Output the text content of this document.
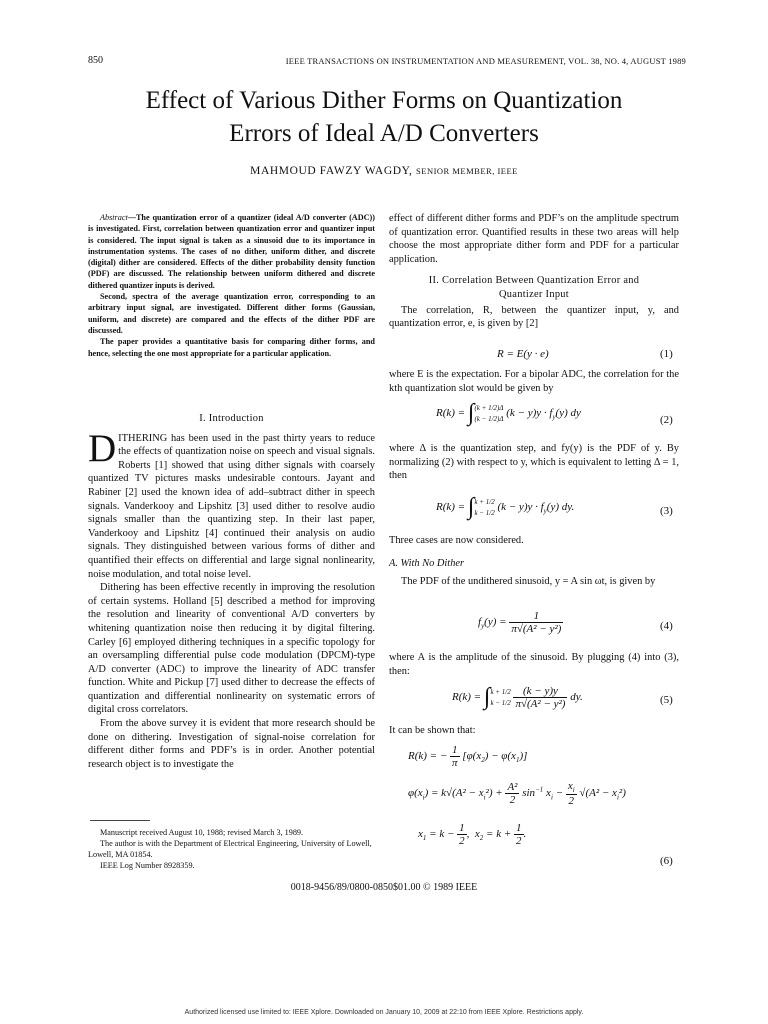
850	IEEE TRANSACTIONS ON INSTRUMENTATION AND MEASUREMENT, VOL. 38, NO. 4, AUGUST 1989
Effect of Various Dither Forms on Quantization
Errors of Ideal A/D Converters
MAHMOUD FAWZY WAGDY, SENIOR MEMBER, IEEE

Abstract—The quantization error of a quantizer (ideal A/D converter (ADC)) is investigated. First, correlation between quantization error and quantizer input is considered. The input signal is taken as a sinusoid due to its importance in instrumentation systems. The cases of no dither, uniform dither, and discrete (digital) dither are considered. Effects of the dither probability density function (PDF) are discussed. The relationship between uniform dithered and discrete dithered quantizer inputs is derived.

Second, spectra of the average quantization error, corresponding to an arbitrary input signal, are investigated. Different dither forms (Gaussian, uniform, and discrete) are compared and the effects of the dither PDF are discussed.

The paper provides a quantitative basis for comparing dither forms, and hence, selecting the one most appropriate for a particular application.

I. Introduction
D ITHERING has been used in the past thirty years to reduce the effects of quantization noise on speech and visual signals. Roberts [1] showed that using dither signals with coarsely quantized TV pictures masks undesirable contours. Jayant and Rabiner [2] used the known idea of add–subtract dither in speech signals. Vanderkooy and Lipshitz [3] used dither to resolve audio signals smaller than the quantizing step. In their last paper, Vanderkooy and Lipshitz [4] continued their analysis on audio signals. They distinguished between various forms of dither and quantified their effects on differential and large signal nonlinearity, noise modulation, and total noise level.
Dithering has been effective recently in improving the resolution of certain systems. Holland [5] described a method for improving the resolution and linearity of conventional A/D converters by whitening quantization noise then reducing it by digital filtering. Carley [6] employed dithering techniques in a specific topology for an oversampling differential pulse code modulation (DPCM)-type A/D converter (ADC) to improve the linearity of ADC transfer function. White and Pickup [7] used dither to decrease the effects of quantization and differential nonlinearity on systematic errors of digital cross correlators.
From the above survey it is evident that more research should be done on dithering. Investigation of signal-noise correlation for different dither forms and PDF’s is in order. Another potential research object is to investigate the
Manuscript received August 10, 1988; revised March 3, 1989.
The author is with the Department of Electrical Engineering, University of Lowell, Lowell, MA 01854.
IEEE Log Number 8928359.
effect of different dither forms and PDF’s on the amplitude spectrum of quantization error. Quantified results in these two areas will help choose the most appropriate dither form and PDF for a particular application.
II. Correlation Between Quantization Error and
Quantizer Input
The correlation, R, between the quantizer input, y, and quantization error, e, is given by [2]
R = E(y · e)	(1)
where E is the expectation. For a bipolar ADC, the correlation for the kth quantization slot would be given by
R(k) = ∫ (k + 1/2)Δ
(k − 1/2)Δ $(k - y)y \cdot f_y(y)$ dy
(2)
where Δ is the quantization step, and fy(y) is the PDF of y. By normalizing (2) with respect to y, which is equivalent to letting Δ = 1, then
R(k) = ∫ k + 1/2
k − 1/2 $(k - y)y \cdot f_y(y)$ dy.	(3)
Three cases are now considered.
A. With No Dither
The PDF of the undithered sinusoid, y = A sin ωt, is given by
$f_y(y) = \frac{1}{\text{π√(A² − y²)}}$	(4)
where A is the amplitude of the sinusoid. By plugging (4) into (3), then:
R(k) = ∫ k + 1/2
k − 1/2
$\frac{(k - y)y}{\text{π√(A² − y²)}}$ dy.	(5)
It can be shown that:
R(k) = − $\frac{1}{\pi} [\varphi(x_2) - \varphi(x_1)]$
$\varphi(x_i) = k√(A^2 - x_i^2) + \frac{\text{A²}}{2} \sin^{-1} x_i - \frac{x_i}{2} √(A^2 - x_i^2)$
$x_1 = k - \frac{1}{2}$ ,  $x_2 = k + \frac{1}{2}$ .
(6)
0018-9456/89/0800-0850$01.00 © 1989 IEEE
Authorized licensed use limited to: IEEE Xplore. Downloaded on January 10, 2009 at 22:10 from IEEE Xplore. Restrictions apply.
